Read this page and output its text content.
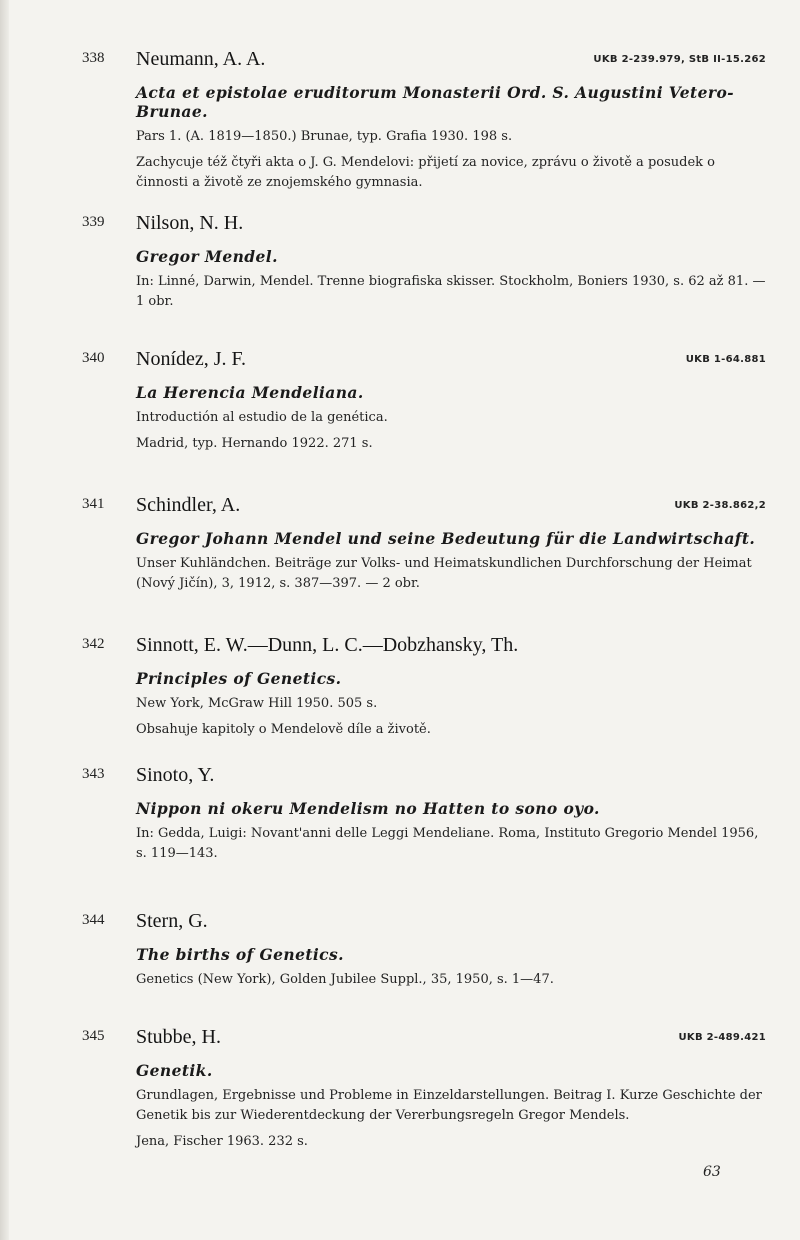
338	Neumann, A. A.	UKB 2-239.979, StB II-15.262
Acta et epistolae eruditorum Monasterii Ord. S. Augustini Vetero-Brunae.
Pars 1. (A. 1819—1850.) Brunae, typ. Grafia 1930. 198 s.
Zachycuje též čtyři akta o J. G. Mendelovi: přijetí za novice, zprávu o životě a posudek o činnosti a životě ze znojemského gymnasia.
339	Nilson, N. H.
Gregor Mendel.
In: Linné, Darwin, Mendel. Trenne biografiska skisser. Stockholm, Boniers 1930, s. 62 až 81. — 1 obr.
340	Nonídez, J. F.	UKB 1-64.881
La Herencia Mendeliana.
Introductión al estudio de la genética.
Madrid, typ. Hernando 1922. 271 s.
341	Schindler, A.	UKB 2-38.862,2
Gregor Johann Mendel und seine Bedeutung für die Landwirtschaft.
Unser Kuhländchen. Beiträge zur Volks- und Heimatskundlichen Durchforschung der Heimat (Nový Jičín), 3, 1912, s. 387—397. — 2 obr.
342	Sinnott, E. W.—Dunn, L. C.—Dobzhansky, Th.
Principles of Genetics.
New York, McGraw Hill 1950. 505 s.
Obsahuje kapitoly o Mendelově díle a životě.
343	Sinoto, Y.
Nippon ni okeru Mendelism no Hatten to sono oyo.
In: Gedda, Luigi: Novant'anni delle Leggi Mendeliane. Roma, Instituto Gregorio Mendel 1956, s. 119—143.
344	Stern, G.
The births of Genetics.
Genetics (New York), Golden Jubilee Suppl., 35, 1950, s. 1—47.
345	Stubbe, H.	UKB 2-489.421
Genetik.
Grundlagen, Ergebnisse und Probleme in Einzeldarstellungen. Beitrag I. Kurze Geschichte der Genetik bis zur Wiederentdeckung der Vererbungsregeln Gregor Mendels.
Jena, Fischer 1963. 232 s.
63
